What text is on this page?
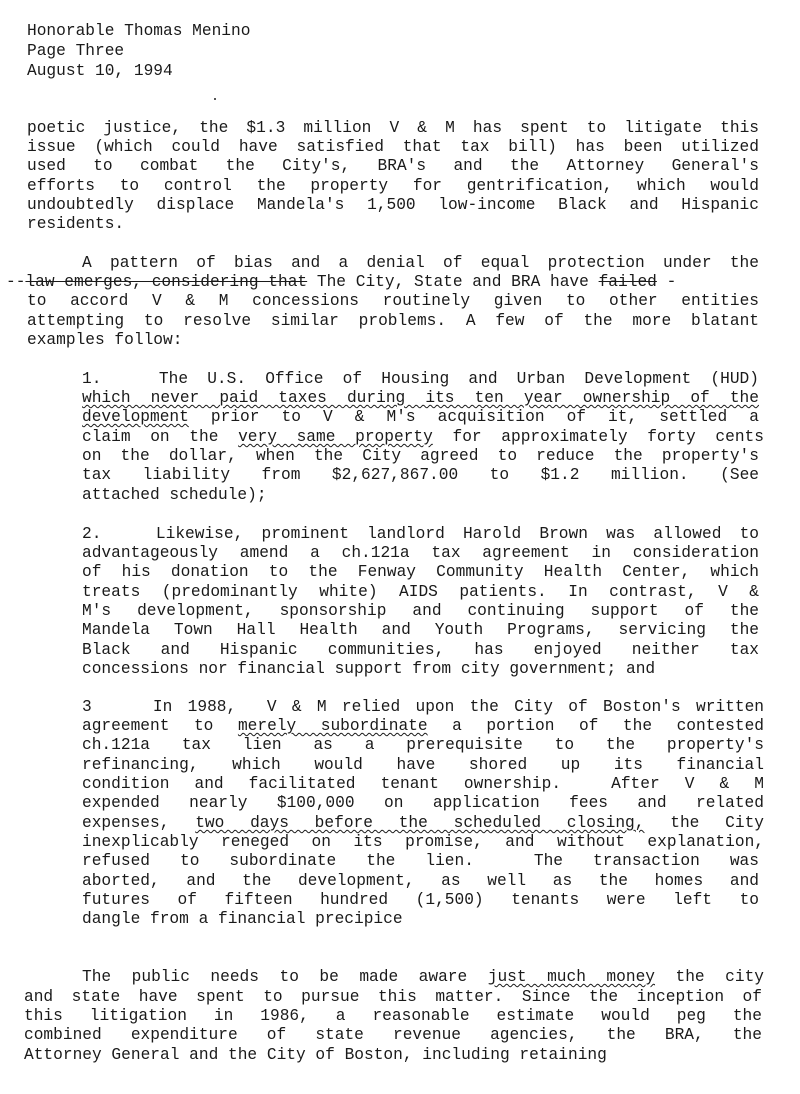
Honorable Thomas Menino
Page Three
August 10, 1994
poetic justice, the $1.3 million V & M has spent to litigate this
issue (which could have satisfied that tax bill) has been utilized
used to combat the City's, BRA's and the Attorney General's
efforts to control the property for gentrification, which would
undoubtedly displace Mandela's 1,500 low-income Black and Hispanic
residents.
A pattern of bias and a denial of equal protection under the
--law emerges, considering that The City, State and BRA have failed -
to accord V & M concessions routinely given to other entities
attempting to resolve similar problems. A few of the more blatant
examples follow:
1.   The U.S. Office of Housing and Urban Development (HUD)
which never paid taxes during its ten year ownership of the
development prior to V & M's acquisition of it, settled a
claim on the very same property for approximately forty cents
on the dollar, when the City agreed to reduce the property's
tax liability from $2,627,867.00 to $1.2 million. (See
attached schedule);
2.   Likewise, prominent landlord Harold Brown was allowed to
advantageously amend a ch.121a tax agreement in consideration
of his donation to the Fenway Community Health Center, which
treats (predominantly white) AIDS patients. In contrast, V &
M's development, sponsorship and continuing support of the
Mandela Town Hall Health and Youth Programs, servicing the
Black and Hispanic communities, has enjoyed neither tax
concessions nor financial support from city government; and
3    In 1988,  V & M relied upon the City of Boston's written
agreement to merely subordinate a portion of the contested
ch.121a tax lien as a prerequisite to the property's
refinancing, which would have shored up its financial
condition and facilitated tenant ownership.  After V & M
expended nearly $100,000 on application fees and related
expenses, two days before the scheduled closing, the City
inexplicably reneged on its promise, and without explanation,
refused to subordinate the lien.  The transaction was
aborted, and the development, as well as the homes and
futures of fifteen hundred (1,500) tenants were left to
dangle from a financial precipice
The public needs to be made aware just much money the city
and state have spent to pursue this matter. Since the inception of
this litigation in 1986, a reasonable estimate would peg the
combined expenditure of state revenue agencies, the BRA, the
Attorney General and the City of Boston, including retaining
